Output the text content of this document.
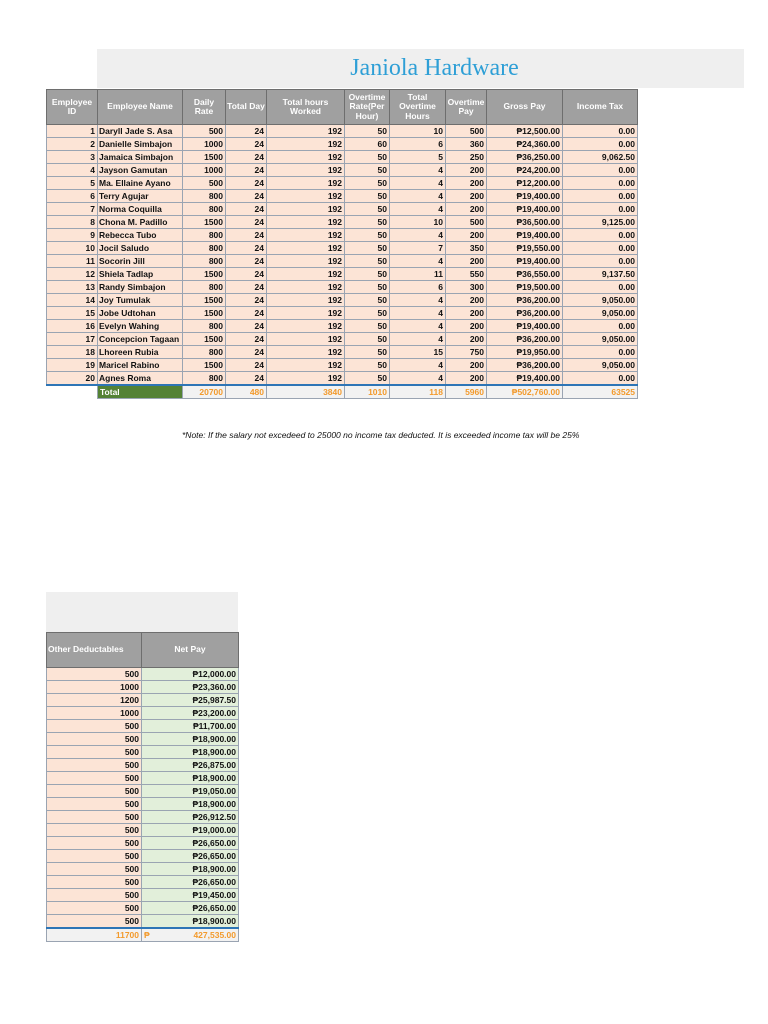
Janiola Hardware
Employee ID	Employee Name	Daily Rate	Total Day	Total hours Worked	Overtime Rate(Per Hour)	Total Overtime Hours	Overtime Pay	Gross Pay	Income Tax
1	Daryll Jade S. Asa	500	24	192	50	10	500	₱12,500.00	0.00
2	Danielle Simbajon	1000	24	192	60	6	360	₱24,360.00	0.00
3	Jamaica Simbajon	1500	24	192	50	5	250	₱36,250.00	9,062.50
4	Jayson Gamutan	1000	24	192	50	4	200	₱24,200.00	0.00
5	Ma. Ellaine Ayano	500	24	192	50	4	200	₱12,200.00	0.00
6	Terry Agujar	800	24	192	50	4	200	₱19,400.00	0.00
7	Norma Coquilla	800	24	192	50	4	200	₱19,400.00	0.00
8	Chona M. Padillo	1500	24	192	50	10	500	₱36,500.00	9,125.00
9	Rebecca Tubo	800	24	192	50	4	200	₱19,400.00	0.00
10	Jocil Saludo	800	24	192	50	7	350	₱19,550.00	0.00
11	Socorin Jill	800	24	192	50	4	200	₱19,400.00	0.00
12	Shiela Tadlap	1500	24	192	50	11	550	₱36,550.00	9,137.50
13	Randy Simbajon	800	24	192	50	6	300	₱19,500.00	0.00
14	Joy Tumulak	1500	24	192	50	4	200	₱36,200.00	9,050.00
15	Jobe Udtohan	1500	24	192	50	4	200	₱36,200.00	9,050.00
16	Evelyn Wahing	800	24	192	50	4	200	₱19,400.00	0.00
17	Concepcion Tagaan	1500	24	192	50	4	200	₱36,200.00	9,050.00
18	Lhoreen Rubia	800	24	192	50	15	750	₱19,950.00	0.00
19	Maricel Rabino	1500	24	192	50	4	200	₱36,200.00	9,050.00
20	Agnes Roma	800	24	192	50	4	200	₱19,400.00	0.00
	Total	20700	480	3840	1010	118	5960	₱502,760.00	63525
*Note: If the salary not excedeed to 25000 no income tax deducted. It is exceeded income tax will be 25%
Other Deductables	Net Pay
500	₱12,000.00
1000	₱23,360.00
1200	₱25,987.50
1000	₱23,200.00
500	₱11,700.00
500	₱18,900.00
500	₱18,900.00
500	₱26,875.00
500	₱18,900.00
500	₱19,050.00
500	₱18,900.00
500	₱26,912.50
500	₱19,000.00
500	₱26,650.00
500	₱26,650.00
500	₱18,900.00
500	₱26,650.00
500	₱19,450.00
500	₱26,650.00
500	₱18,900.00
11700	₱ 427,535.00
